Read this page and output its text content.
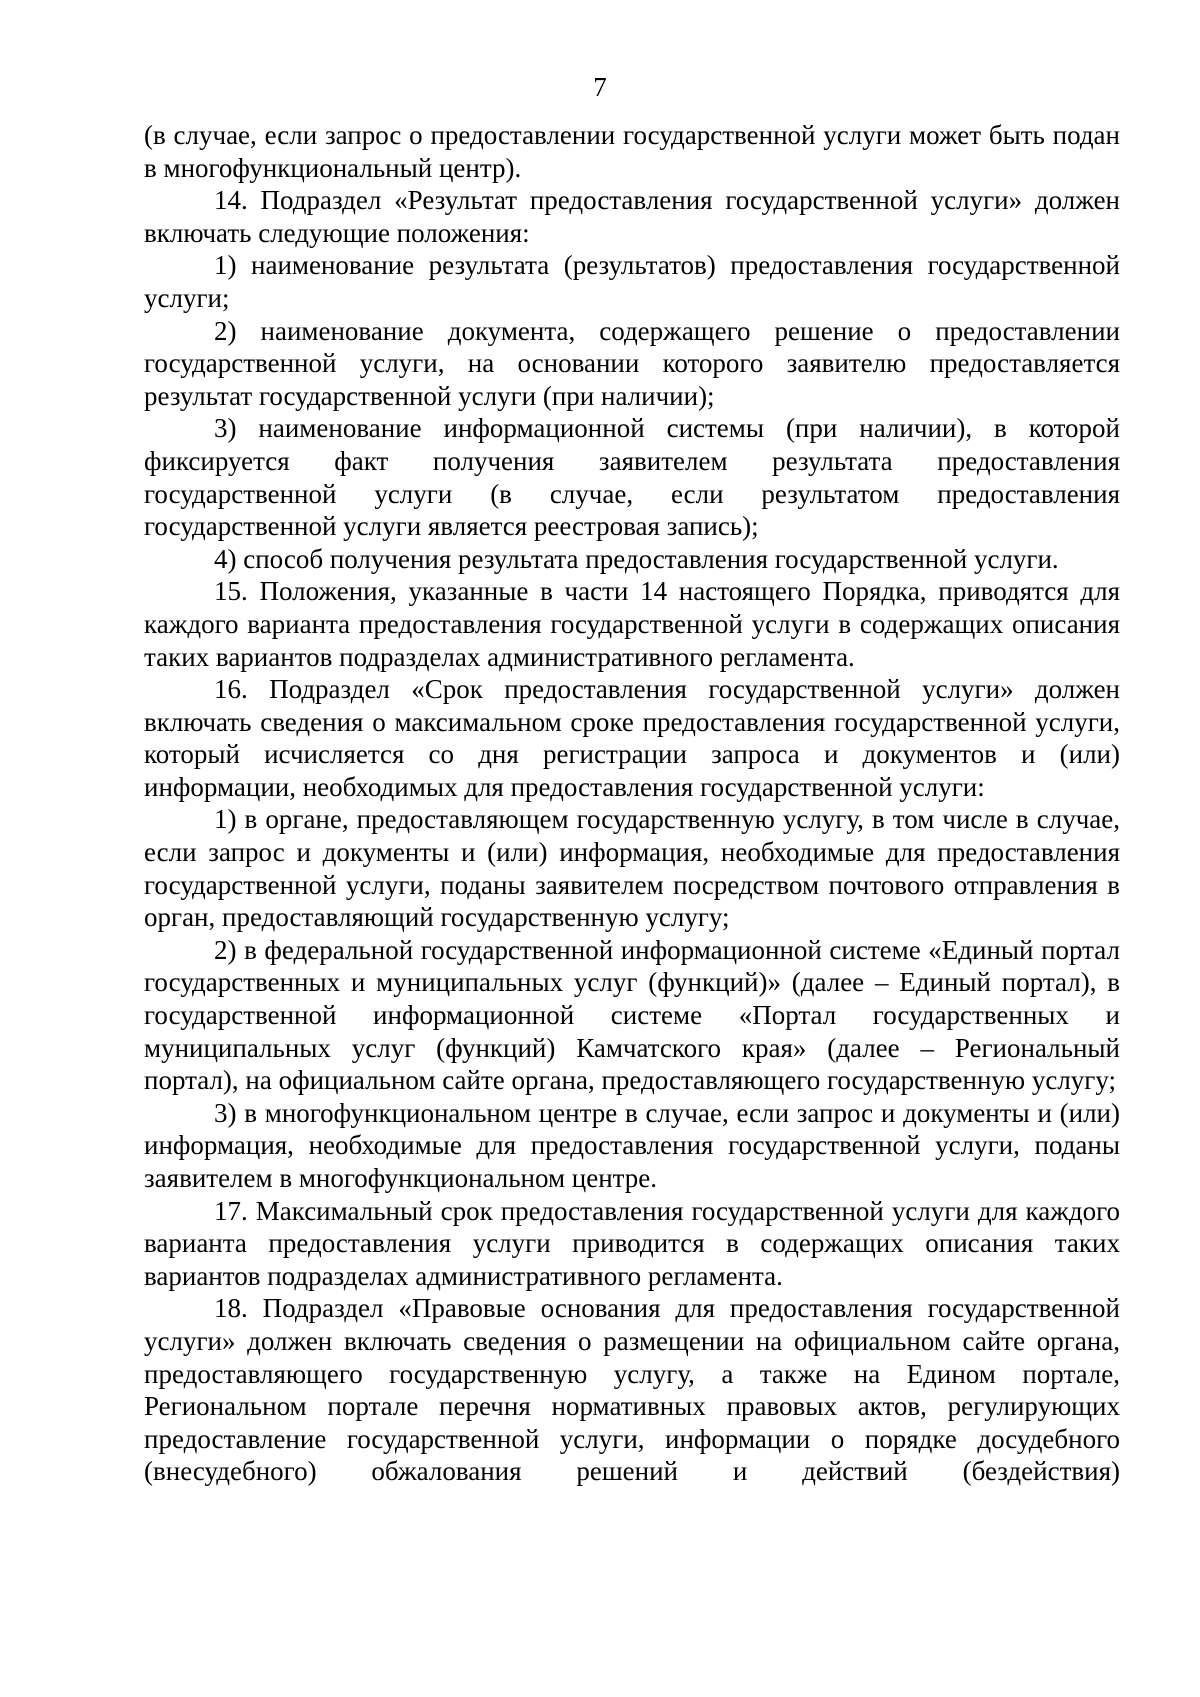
7

(в случае, если запрос о предоставлении государственной услуги может быть подан в многофункциональный центр).

14. Подраздел «Результат предоставления государственной услуги» должен включать следующие положения:

1) наименование результата (результатов) предоставления государственной услуги;

2) наименование документа, содержащего решение о предоставлении государственной услуги, на основании которого заявителю предоставляется результат государственной услуги (при наличии);

3) наименование информационной системы (при наличии), в которой фиксируется факт получения заявителем результата предоставления государственной услуги (в случае, если результатом предоставления государственной услуги является реестровая запись);

4) способ получения результата предоставления государственной услуги.

15. Положения, указанные в части 14 настоящего Порядка, приводятся для каждого варианта предоставления государственной услуги в содержащих описания таких вариантов подразделах административного регламента.

16. Подраздел «Срок предоставления государственной услуги» должен включать сведения о максимальном сроке предоставления государственной услуги, который исчисляется со дня регистрации запроса и документов и (или) информации, необходимых для предоставления государственной услуги:

1) в органе, предоставляющем государственную услугу, в том числе в случае, если запрос и документы и (или) информация, необходимые для предоставления государственной услуги, поданы заявителем посредством почтового отправления в орган, предоставляющий государственную услугу;

2) в федеральной государственной информационной системе «Единый портал государственных и муниципальных услуг (функций)» (далее – Единый портал), в государственной информационной системе «Портал государственных и муниципальных услуг (функций) Камчатского края» (далее – Региональный портал), на официальном сайте органа, предоставляющего государственную услугу;

3) в многофункциональном центре в случае, если запрос и документы и (или) информация, необходимые для предоставления государственной услуги, поданы заявителем в многофункциональном центре.

17. Максимальный срок предоставления государственной услуги для каждого варианта предоставления услуги приводится в содержащих описания таких вариантов подразделах административного регламента.

18. Подраздел «Правовые основания для предоставления государственной услуги» должен включать сведения о размещении на официальном сайте органа, предоставляющего государственную услугу, а также на Едином портале, Региональном портале перечня нормативных правовых актов, регулирующих предоставление государственной услуги, информации о порядке досудебного (внесудебного) обжалования решений и действий (бездействия)
